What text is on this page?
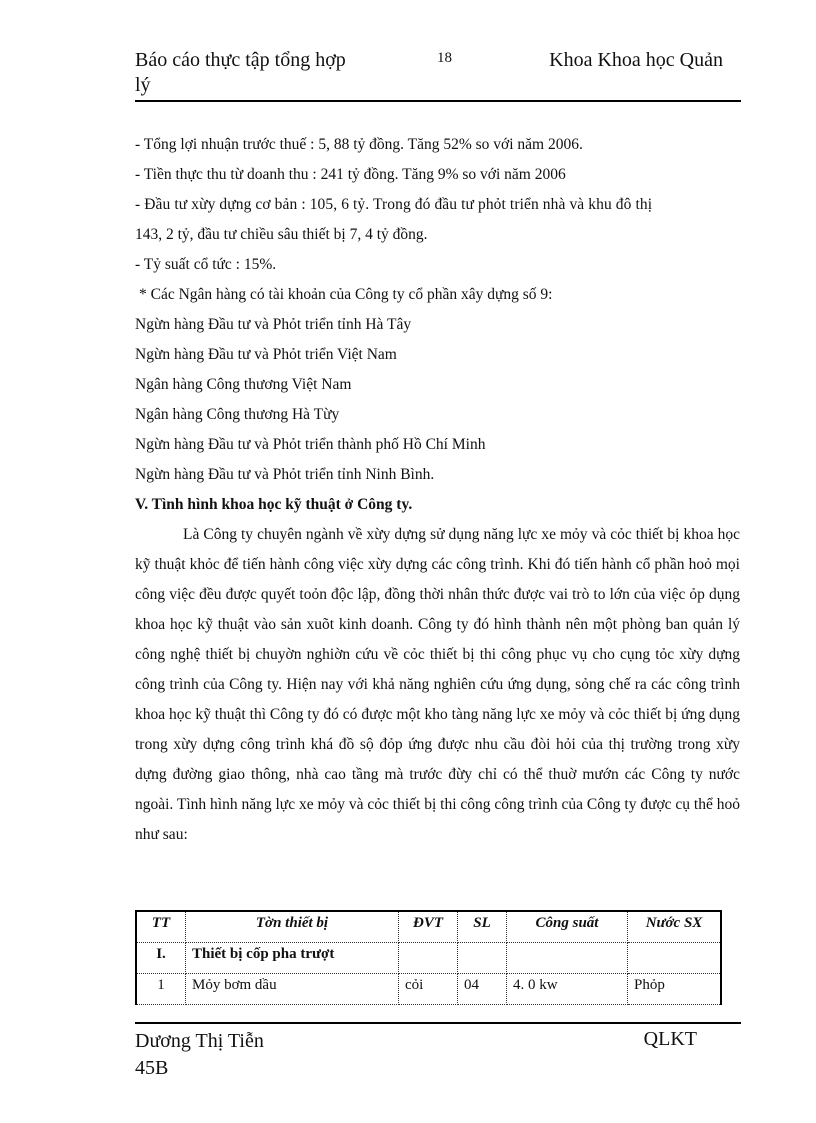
Báo cáo thực tập tổng hợp
lý
18	Khoa Khoa học Quản
- Tổng lợi nhuận trước thuế : 5, 88 tỷ đồng. Tăng 52% so với năm 2006.
- Tiền thực thu từ doanh thu : 241 tỷ đồng. Tăng 9% so với năm 2006
- Đầu tư xừy dựng cơ bản : 105, 6 tỷ. Trong đó đầu tư phỏt triển nhà và khu đô thị
143, 2 tỷ, đầu tư chiều sâu thiết bị 7, 4 tỷ đồng.
- Tỷ suất cổ tức : 15%.
* Các Ngân hàng có tài khoản của Công ty cổ phần xây dựng số 9:
Ngừn hàng Đầu tư và Phỏt triển tỉnh Hà Tây
Ngừn hàng Đầu tư và Phỏt triển Việt Nam
Ngân hàng Công thương Việt Nam
Ngân hàng Công thương Hà Từy
Ngừn hàng Đầu tư và Phỏt triển thành phố Hồ Chí Minh
Ngừn hàng Đầu tư và Phỏt triển tỉnh Ninh Bình.
V. Tình hình khoa học kỹ thuật ở Công ty.
Là Công ty chuyên ngành về xừy dựng sử dụng năng lực xe mỏy và cỏc thiết bị khoa học kỹ thuật khỏc để tiến hành công việc xừy dựng các công trình. Khi đó tiến hành cổ phần hoỏ mọi công việc đều được quyết toỏn độc lập, đồng thời nhân thức được vai trò to lớn của việc ỏp dụng khoa học kỹ thuật vào sản xuõt kinh doanh. Công ty đó hình thành nên một phòng ban quản lý công nghệ thiết bị chuyờn nghiờn cứu về cỏc thiết bị thi công phục vụ cho cụng tỏc xừy dựng công trình của Công ty. Hiện nay với khả năng nghiên cứu ứng dụng, sỏng chế ra các công trình khoa học kỹ thuật thì Công ty đó có được một kho tàng năng lực xe mỏy và cỏc thiết bị ứng dụng trong xừy dựng công trình khá đồ sộ đỏp ứng được nhu cầu đòi hỏi của thị trường trong xừy dựng đường giao thông, nhà cao tầng mà trước đừy chỉ có thể thuờ mướn các Công ty nước ngoài. Tình hình năng lực xe mỏy và cỏc thiết bị thi công công trình của Công ty được cụ thể hoỏ như sau:
TT	Tờn thiết bị	ĐVT	SL	Công suất	Nước SX
I.	Thiết bị cốp pha trượt				
1	Mỏy bơm dầu	cỏi	04	4. 0 kw	Phỏp
Dương Thị Tiễn
45B
QLKT
